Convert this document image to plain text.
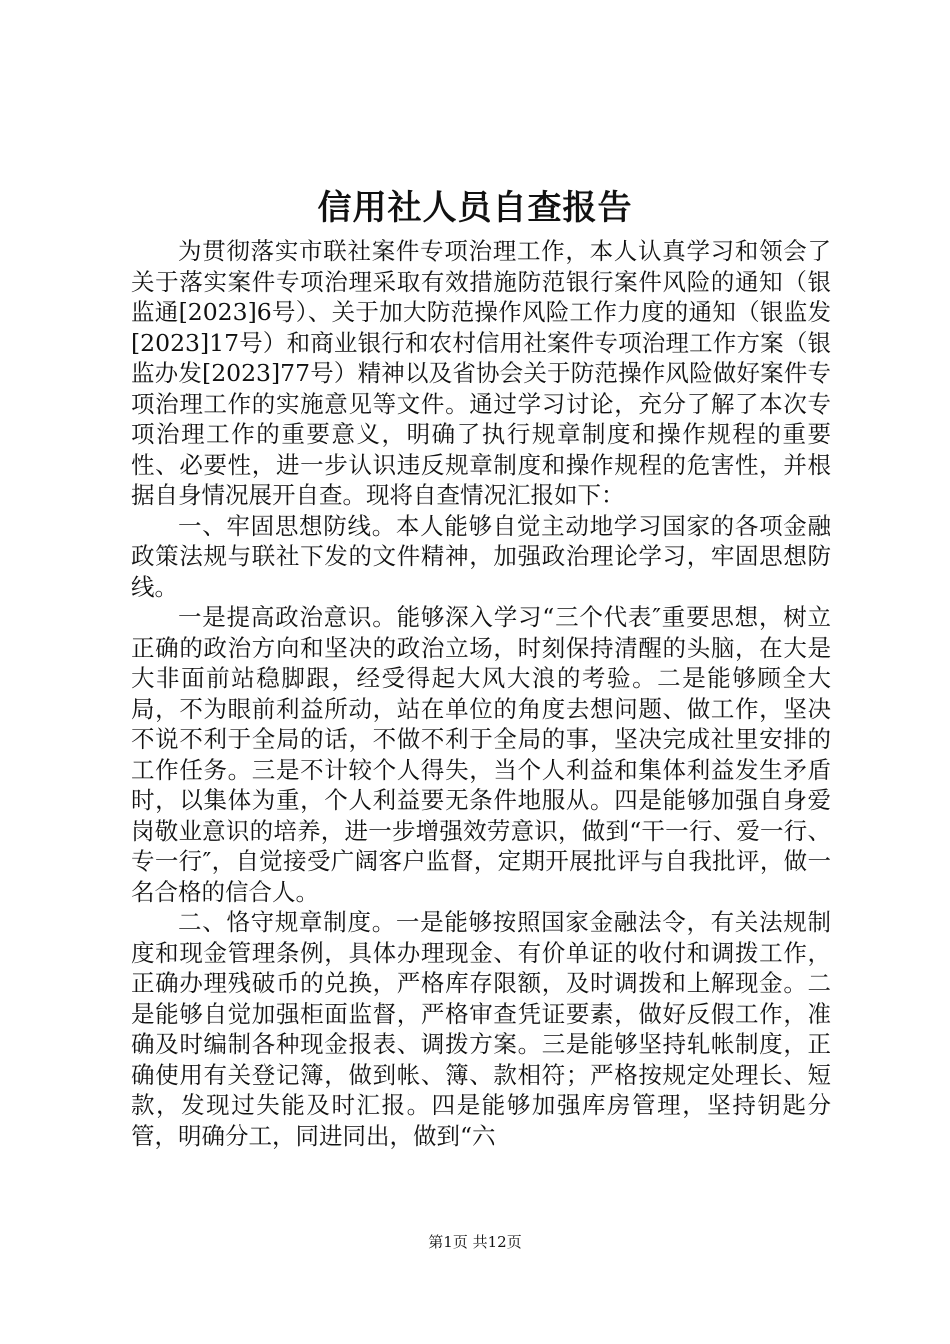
信用社人员自查报告

为贯彻落实市联社案件专项治理工作，本人认真学习和领会了关于落实案件专项治理采取有效措施防范银行案件风险的通知（银监通[2023]6号）、关于加大防范操作风险工作力度的通知（银监发[2023]17号）和商业银行和农村信用社案件专项治理工作方案（银监办发[2023]77号）精神以及省协会关于防范操作风险做好案件专项治理工作的实施意见等文件。通过学习讨论，充分了解了本次专项治理工作的重要意义，明确了执行规章制度和操作规程的重要性、必要性，进一步认识违反规章制度和操作规程的危害性，并根据自身情况展开自查。现将自查情况汇报如下：

一、牢固思想防线。本人能够自觉主动地学习国家的各项金融政策法规与联社下发的文件精神，加强政治理论学习，牢固思想防线。

一是提高政治意识。能够深入学习“三个代表″重要思想，树立正确的政治方向和坚决的政治立场，时刻保持清醒的头脑，在大是大非面前站稳脚跟，经受得起大风大浪的考验。二是能够顾全大局，不为眼前利益所动，站在单位的角度去想问题、做工作，坚决不说不利于全局的话，不做不利于全局的事，坚决完成社里安排的工作任务。三是不计较个人得失，当个人利益和集体利益发生矛盾时，以集体为重，个人利益要无条件地服从。四是能够加强自身爱岗敬业意识的培养，进一步增强效劳意识，做到“干一行、爱一行、专一行″，自觉接受广阔客户监督，定期开展批评与自我批评，做一名合格的信合人。

二、恪守规章制度。一是能够按照国家金融法令，有关法规制度和现金管理条例，具体办理现金、有价单证的收付和调拨工作，正确办理残破币的兑换，严格库存限额，及时调拨和上解现金。二是能够自觉加强柜面监督，严格审查凭证要素，做好反假工作，准确及时编制各种现金报表、调拨方案。三是能够坚持轧帐制度，正确使用有关登记簿，做到帐、簿、款相符；严格按规定处理长、短款，发现过失能及时汇报。四是能够加强库房管理，坚持钥匙分管，明确分工，同进同出，做到“六

第1页 共12页
